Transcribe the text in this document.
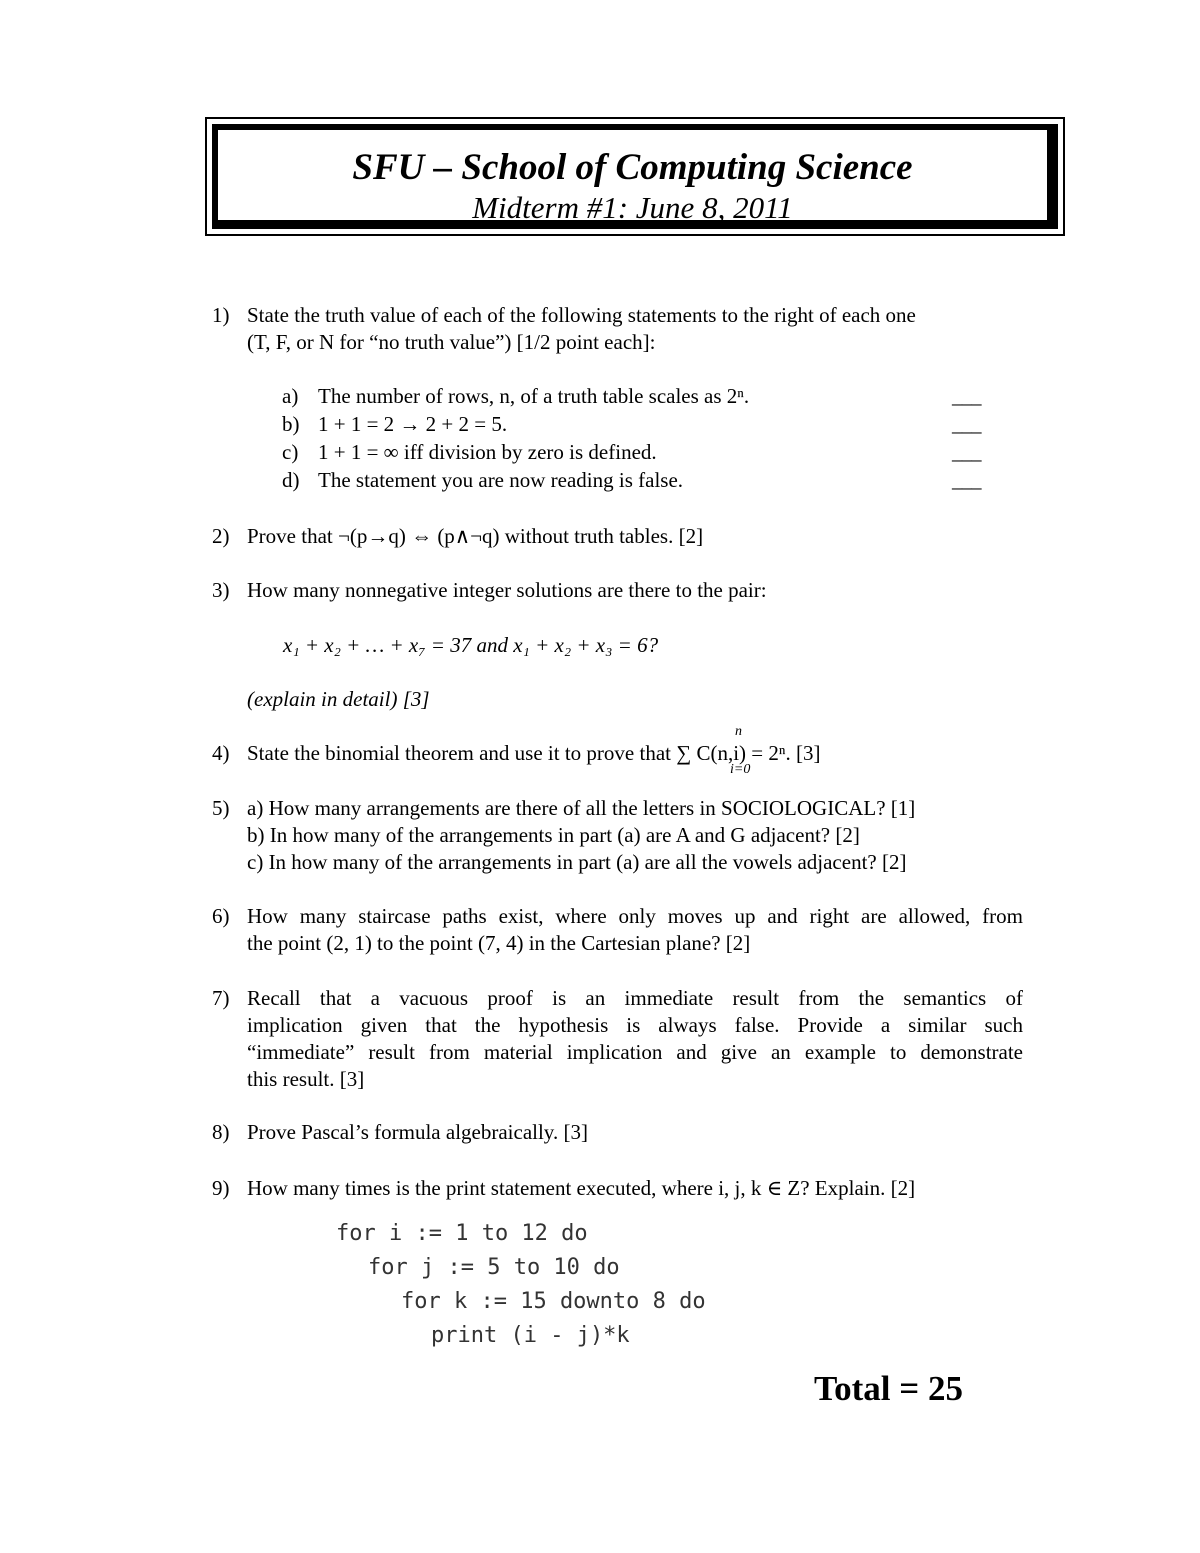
SFU – School of Computing Science
Midterm #1: June 8, 2011
1) State the truth value of each of the following statements to the right of each one
(T, F, or N for “no truth value”) [1/2 point each]:
a) The number of rows, n, of a truth table scales as 2ⁿ.	___
b) 1 + 1 = 2 → 2 + 2 = 5.	___
c) 1 + 1 = ∞ iff division by zero is defined.	___
d) The statement you are now reading is false.	___
2) Prove that ¬(p→q) ⇔ (p∧¬q) without truth tables. [2]
3) How many nonnegative integer solutions are there to the pair:
x₁ + x₂ + … + x₇ = 37 and x₁ + x₂ + x₃ = 6?
(explain in detail) [3]
n
4) State the binomial theorem and use it to prove that ∑ C(n,i) = 2ⁿ. [3]
i=0
5) a) How many arrangements are there of all the letters in SOCIOLOGICAL? [1]
b) In how many of the arrangements in part (a) are A and G adjacent? [2]
c) In how many of the arrangements in part (a) are all the vowels adjacent? [2]
6) How many staircase paths exist, where only moves up and right are allowed, from
the point (2, 1) to the point (7, 4) in the Cartesian plane? [2]
7) Recall that a vacuous proof is an immediate result from the semantics of
implication given that the hypothesis is always false. Provide a similar such
“immediate” result from material implication and give an example to demonstrate
this result. [3]
8) Prove Pascal’s formula algebraically. [3]
9) How many times is the print statement executed, where i, j, k ∈ Z? Explain. [2]
for i := 1 to 12 do
for j := 5 to 10 do
for k := 15 downto 8 do
print (i - j)*k
Total = 25
